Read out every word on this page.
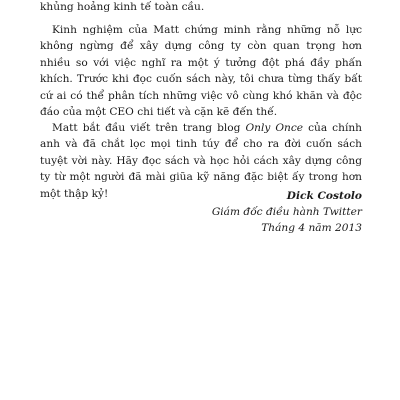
khủng hoảng kinh tế toàn cầu.
Kinh nghiệm của Matt chứng minh rằng những nỗ lực không ngừng để xây dựng công ty còn quan trọng hơn nhiều so với việc nghĩ ra một ý tưởng đột phá đầy phấn khích. Trước khi đọc cuốn sách này, tôi chưa từng thấy bất cứ ai có thể phân tích những việc vô cùng khó khăn và độc đáo của một CEO chi tiết và cặn kẽ đến thế.
Matt bắt đầu viết trên trang blog Only Once của chính anh và đã chắt lọc mọi tinh túy để cho ra đời cuốn sách tuyệt vời này. Hãy đọc sách và học hỏi cách xây dựng công ty từ một người đã mài giũa kỹ năng đặc biệt ấy trong hơn một thập kỷ!	Dick Costolo
Giám đốc điều hành Twitter
Tháng 4 năm 2013
